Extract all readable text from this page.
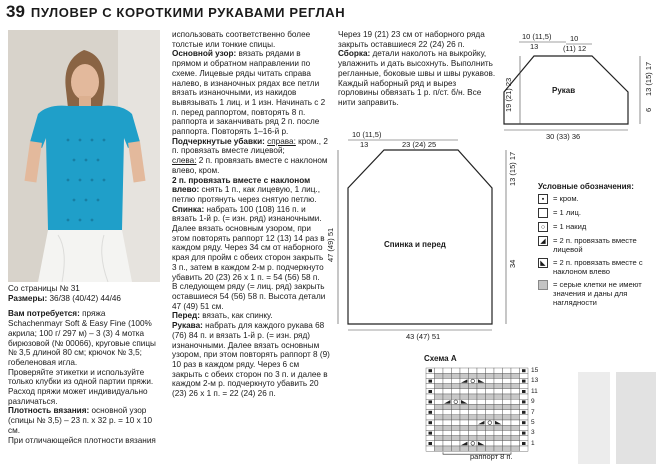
39 ПУЛОВЕР С КОРОТКИМИ РУКАВАМИ РЕГЛАН

Со страницы № 31

Размеры: 36/38 (40/42) 44/46

Вам потребуется: пряжа Schachenmayr Soft & Easy Fine (100% акрила; 100 г/ 297 м) – 3 (3) 4 мотка бирюзовой (№ 00066), круговые спицы № 3,5 длиной 80 см; крючок № 3,5; гобеленовая игла.

Проверяйте этикетки и используйте только клубки из одной партии пряжи. Расход пряжи может индивидуально различаться.

Плотность вязания: основной узор (спицы № 3,5) – 23 п. х 32 р. = 10 х 10 см.

При отличающейся плотности вязания

использовать соответственно более толстые или тонкие спицы.

Основной узор: вязать рядами в прямом и обратном направлении по схеме. Лицевые ряды читать справа налево, в изнаночных рядах все петли вязать изнаночными, из накидов вывязывать 1 лиц. и 1 изн. Начинать с 2 п. перед раппортом, повторять 8 п. раппорта и заканчивать ряд 2 п. после раппорта. Повторять 1–16-й р.

Подчеркнутые убавки: справа: кром., 2 п. провязать вместе лицевой;
слева: 2 п. провязать вместе с наклоном влево, кром.

2 п. провязать вместе с наклоном влево: снять 1 п., как лицевую, 1 лиц., петлю протянуть через снятую петлю.

Спинка: набрать 100 (108) 116 п. и вязать 1-й р. (= изн. ряд) изнаночными. Далее вязать основным узором, при этом повторять раппорт 12 (13) 14 раз в каждом ряду. Через 34 см от наборного края для пройм с обеих сторон закрыть 3 п., затем в каждом 2-м р. подчеркнуто убавить 20 (23) 26 х 1 п. = 54 (56) 58 п.

В следующем ряду (= лиц. ряд) закрыть оставшиеся 54 (56) 58 п. Высота детали 47 (49) 51 см.

Перед: вязать, как спинку.

Рукава: набрать для каждого рукава 68 (76) 84 п. и вязать 1-й р. (= изн. ряд) изнаночными. Далее вязать основным узором, при этом повторять раппорт 8 (9) 10 раз в каждом ряду. Через 6 см закрыть с обеих сторон по 3 п. и далее в каждом 2-м р. подчеркнуто убавить 20 (23) 26 х 1 п. = 22 (24) 26 п.

Через 19 (21) 23 см от наборного ряда закрыть оставшиеся 22 (24) 26 п.

Сборка: детали наколоть на выкройку, увлажнить и дать высохнуть. Выполнить регланные, боковые швы и швы рукавов. Каждый наборный ряд и вырез горловины обвязать 1 р. п/ст. б/н. Все нити заправить.

10 (11,5)
13
10
(11) 12
19 (21) 23	13 (15) 17
6
Рукав
30 (33) 36
10 (11,5)
13	23 (24) 25
13 (15) 17
47 (49) 51
34
Спинка и перед
43 (47) 51
Условные обозначения:
▪	= кром.
= 1 лиц.
○	= 1 накид
◢ = 2 п. провязать вместе лицевой
◣ = 2 п. провязать вместе с наклоном влево
= серые клетки не имеют значения и даны для наглядности
Схема А
15
13
11
9
7
5
3
1
раппорт 8 п.
